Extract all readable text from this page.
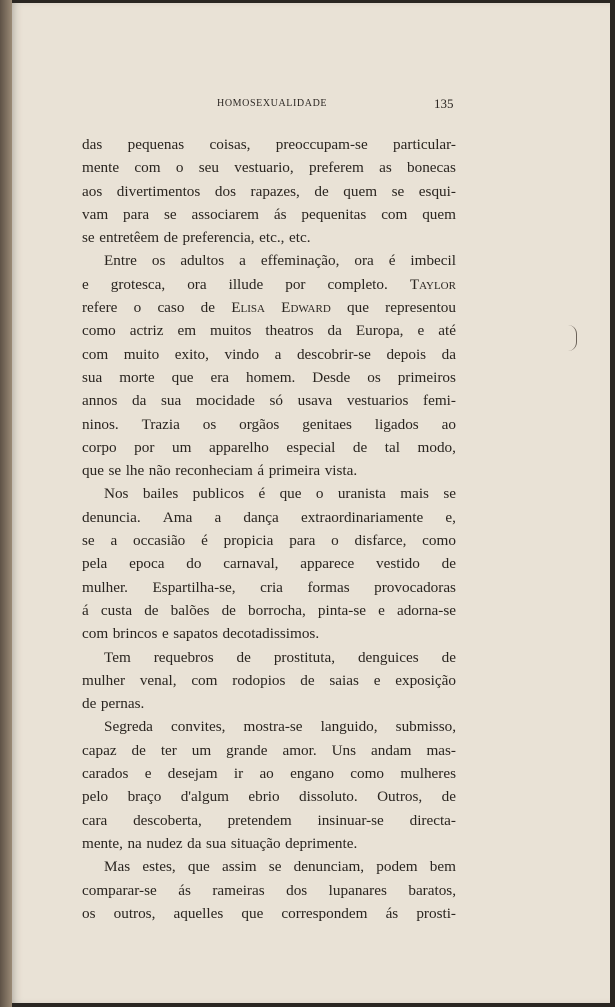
HOMOSEXUALIDADE	135
das pequenas coisas, preoccupam-se particular-
mente com o seu vestuario, preferem as bonecas
aos divertimentos dos rapazes, de quem se esqui-
vam para se associarem ás pequenitas com quem
se entretêem de preferencia, etc., etc.
Entre os adultos a effeminação, ora é imbecil
e grotesca, ora illude por completo. Taylor
refere o caso de Elisa Edward que representou
como actriz em muitos theatros da Europa, e até
com muito exito, vindo a descobrir-se depois da
sua morte que era homem. Desde os primeiros
annos da sua mocidade só usava vestuarios femi-
ninos. Trazia os orgãos genitaes ligados ao
corpo por um apparelho especial de tal modo,
que se lhe não reconheciam á primeira vista.
Nos bailes publicos é que o uranista mais se
denuncia. Ama a dança extraordinariamente e,
se a occasião é propicia para o disfarce, como
pela epoca do carnaval, apparece vestido de
mulher. Espartilha-se, cria formas provocadoras
á custa de balões de borrocha, pinta-se e adorna-se
com brincos e sapatos decotadissimos.
Tem requebros de prostituta, denguices de
mulher venal, com rodopios de saias e exposição
de pernas.
Segreda convites, mostra-se languido, submisso,
capaz de ter um grande amor. Uns andam mas-
carados e desejam ir ao engano como mulheres
pelo braço d'algum ebrio dissoluto. Outros, de
cara descoberta, pretendem insinuar-se directa-
mente, na nudez da sua situação deprimente.
Mas estes, que assim se denunciam, podem bem
comparar-se ás rameiras dos lupanares baratos,
os outros, aquelles que correspondem ás prosti-
